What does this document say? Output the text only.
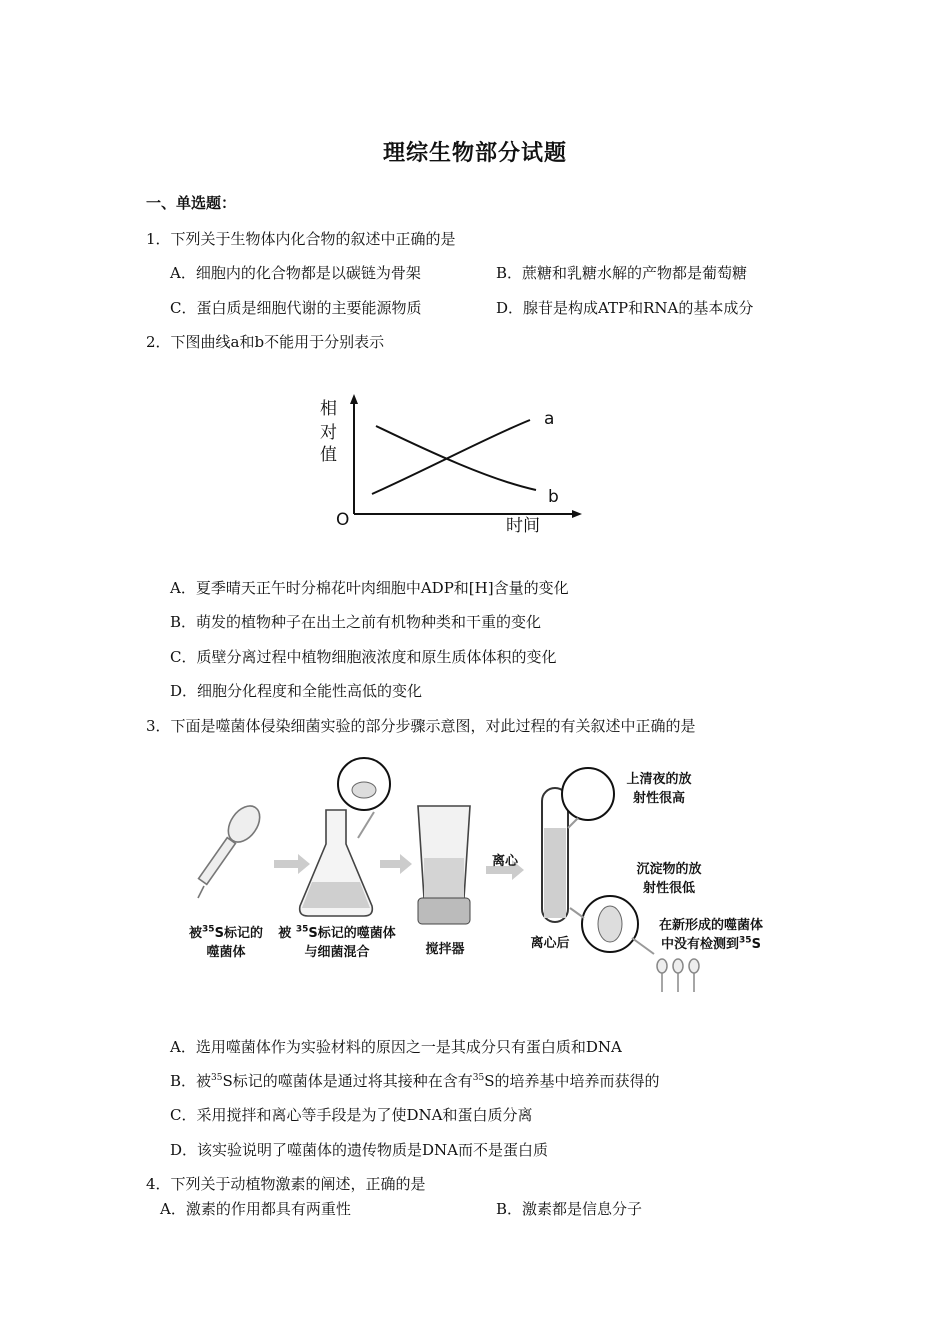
理综生物部分试题
一、单选题：
1．下列关于生物体内化合物的叙述中正确的是
A．细胞内的化合物都是以碳链为骨架	B．蔗糖和乳糖水解的产物都是葡萄糖
C．蛋白质是细胞代谢的主要能源物质	D．腺苷是构成ATP和RNA的基本成分
2．下图曲线a和b不能用于分别表示
相
对
值
O	时间
a
b
A．夏季晴天正午时分棉花叶肉细胞中ADP和[H]含量的变化
B．萌发的植物种子在出土之前有机物种类和干重的变化
C．质壁分离过程中植物细胞液浓度和原生质体体积的变化
D．细胞分化程度和全能性高低的变化
3．下面是噬菌体侵染细菌实验的部分步骤示意图，对此过程的有关叙述中正确的是
被$^{35}$S标记的
噬菌体
被 $^{35}$S标记的噬菌体
与细菌混合	搅拌器
离心
离心后
上清夜的放
射性很高
沉淀物的放
射性很低
在新形成的噬菌体
中没有检测到$^{35}$S
A．选用噬菌体作为实验材料的原因之一是其成分只有蛋白质和DNA
B．被$^{35}$S标记的噬菌体是通过将其接种在含有$^{35}$S的培养基中培养而获得的
C．采用搅拌和离心等手段是为了使DNA和蛋白质分离
D．该实验说明了噬菌体的遗传物质是DNA而不是蛋白质
4．下列关于动植物激素的阐述，正确的是
A．激素的作用都具有两重性	B．激素都是信息分子
